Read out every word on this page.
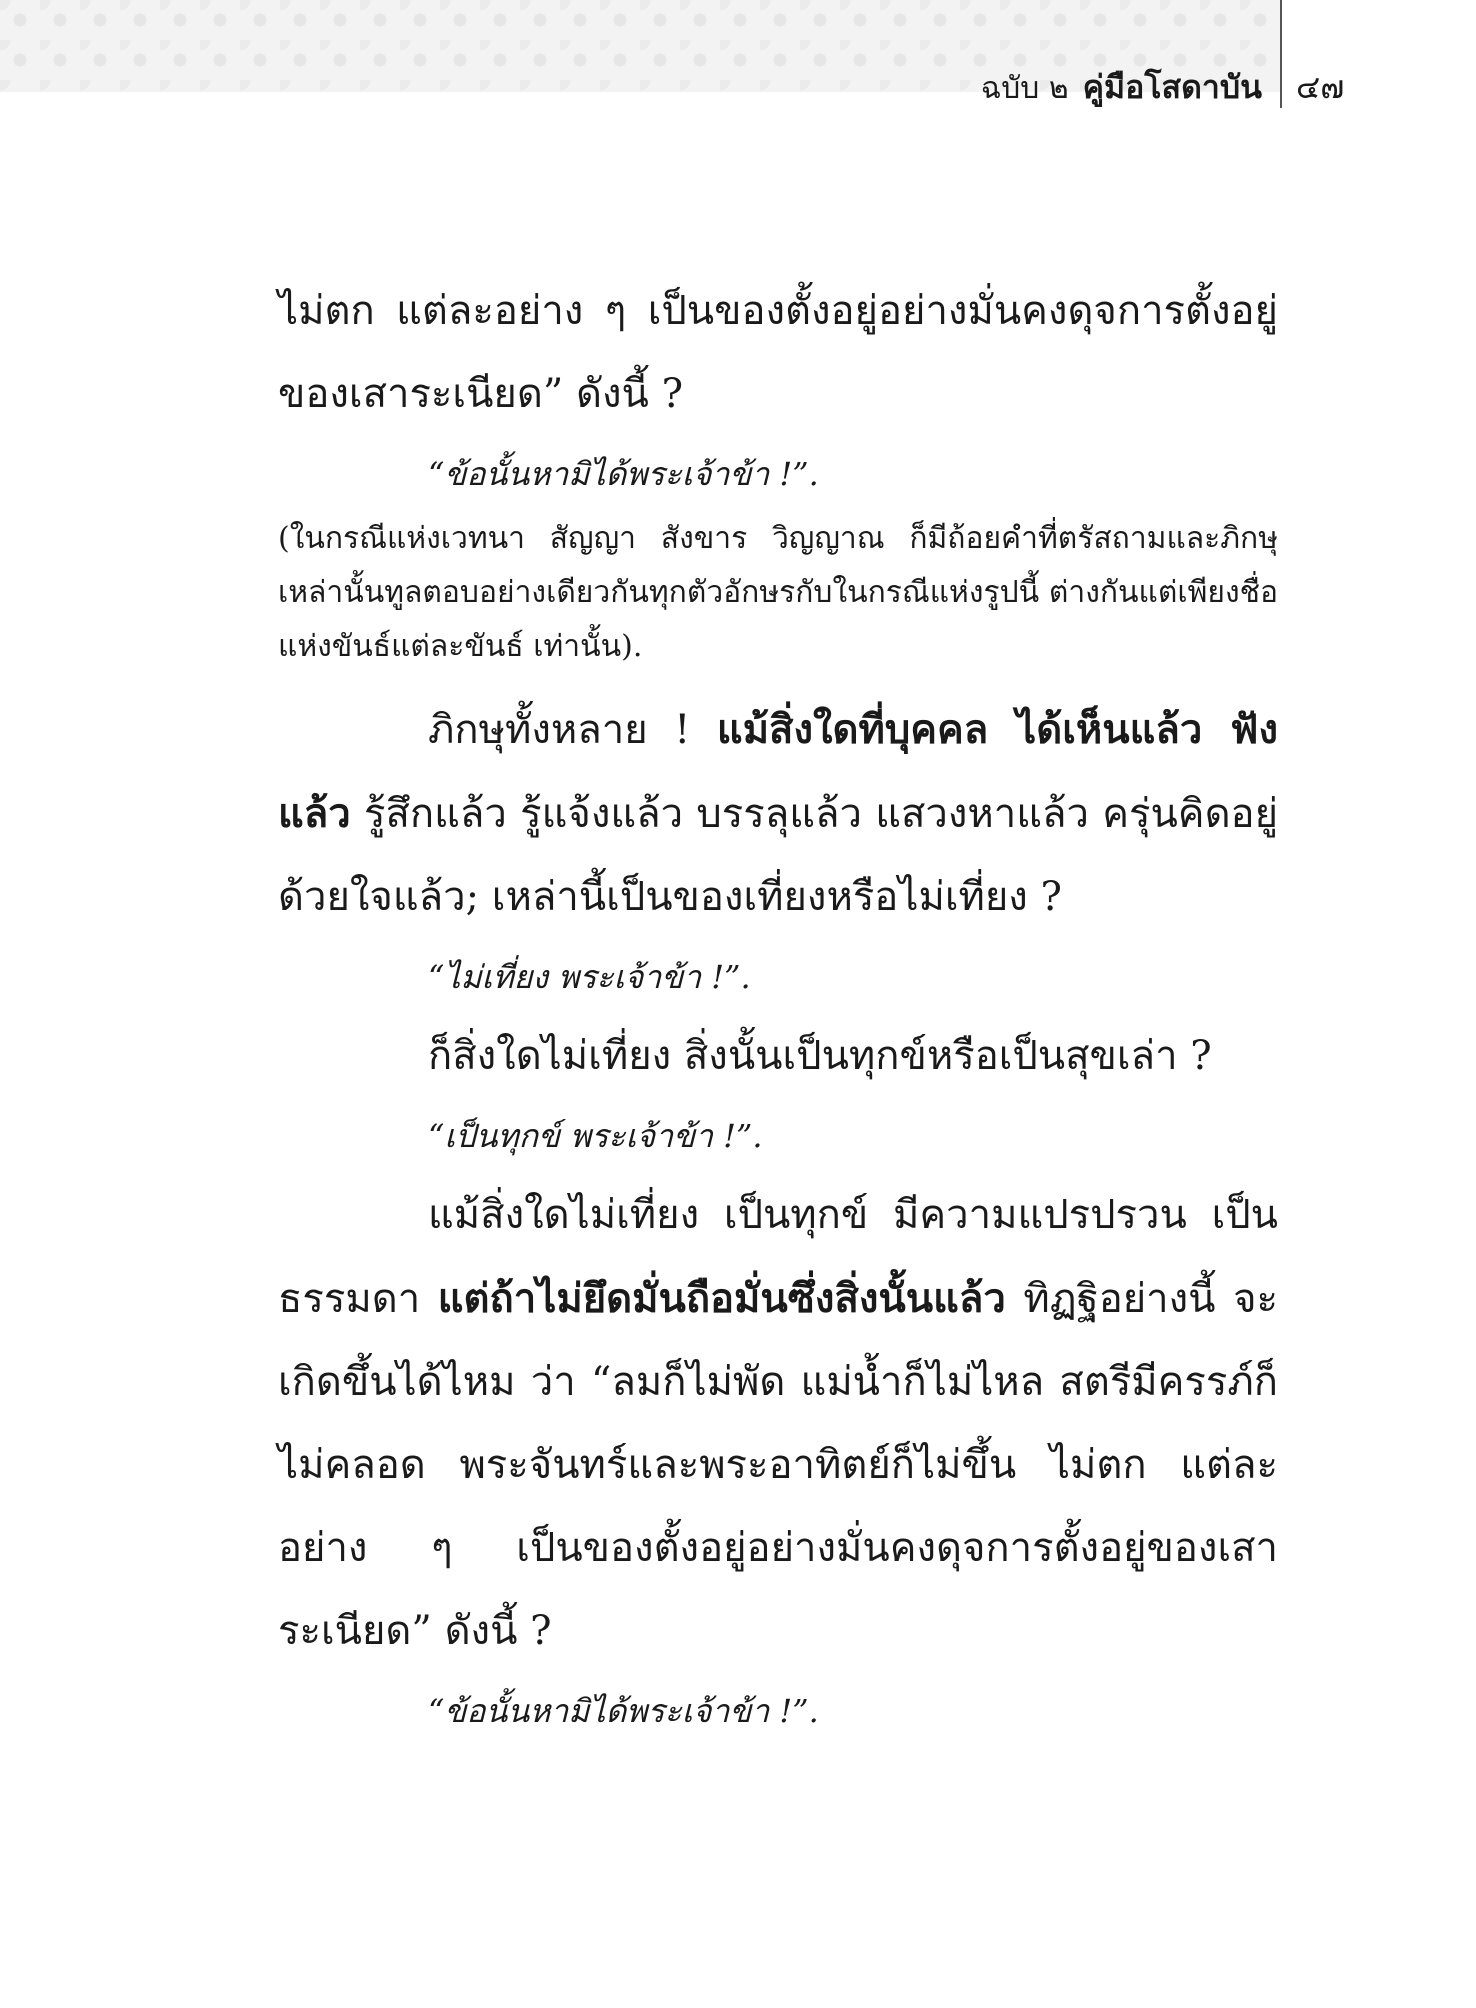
ฉบับ ๒ คู่มือโสดาบัน ๔๗

ไม่ตก แต่ละอย่าง ๆ เป็นของตั้งอยู่อย่างมั่นคงดุจการตั้งอยู่ของเสาระเนียด” ดังนี้ ?

“ข้อนั้นหามิได้พระเจ้าข้า !”.

(ในกรณีแห่งเวทนา สัญญา สังขาร วิญญาณ ก็มีถ้อยคำที่ตรัสถามและภิกษุเหล่านั้นทูลตอบอย่างเดียวกันทุกตัวอักษรกับในกรณีแห่งรูปนี้ ต่างกันแต่เพียงชื่อแห่งขันธ์แต่ละขันธ์ เท่านั้น).

ภิกษุทั้งหลาย ! แม้สิ่งใดที่บุคคล ได้เห็นแล้ว ฟังแล้ว รู้สึกแล้ว รู้แจ้งแล้ว บรรลุแล้ว แสวงหาแล้ว ครุ่นคิดอยู่ด้วยใจแล้ว; เหล่านี้เป็นของเที่ยงหรือไม่เที่ยง ?

“ไม่เที่ยง พระเจ้าข้า !”.

ก็สิ่งใดไม่เที่ยง สิ่งนั้นเป็นทุกข์หรือเป็นสุขเล่า ?

“เป็นทุกข์ พระเจ้าข้า !”.

แม้สิ่งใดไม่เที่ยง เป็นทุกข์ มีความแปรปรวน เป็นธรรมดา แต่ถ้าไม่ยึดมั่นถือมั่นซึ่งสิ่งนั้นแล้ว ทิฏฐิอย่างนี้ จะเกิดขึ้นได้ไหม ว่า “ลมก็ไม่พัด แม่น้ำก็ไม่ไหล สตรีมีครรภ์ก็ไม่คลอด พระจันทร์และพระอาทิตย์ก็ไม่ขึ้น ไม่ตก แต่ละอย่าง ๆ เป็นของตั้งอยู่อย่างมั่นคงดุจการตั้งอยู่ของเสาระเนียด” ดังนี้ ?

“ข้อนั้นหามิได้พระเจ้าข้า !”.
